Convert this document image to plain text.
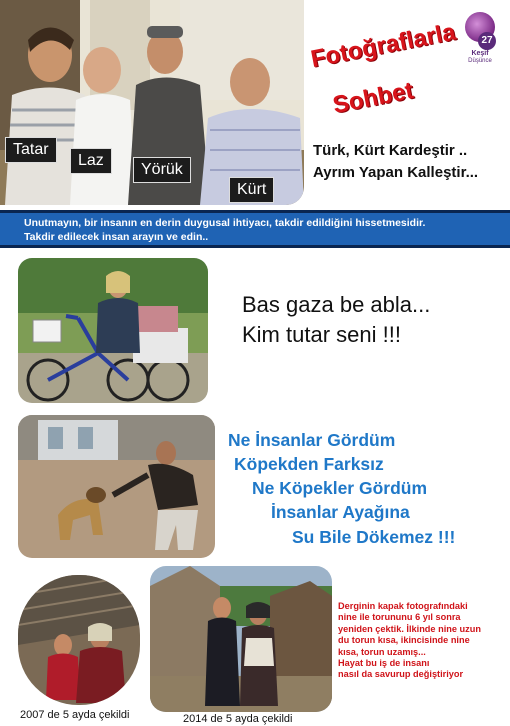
Tatar
Laz
Yörük
Kürt
27
Keşif
Düşünce
Fotoğraflarla
Sohbet
Türk, Kürt Kardeştir ..
Ayrım Yapan Kalleştir...
Unutmayın, bir insanın en derin duygusal ihtiyacı, takdir edildiğini hissetmesidir.
Takdir edilecek insan arayın ve edin..
Bas gaza be abla...
Kim tutar seni !!!
Ne İnsanlar Gördüm
Köpekden Farksız
Ne Köpekler Gördüm
İnsanlar Ayağına
Su Bile Dökemez !!!
2007 de 5 ayda çekildi	2014 de 5 ayda çekildi
Derginin kapak fotografındaki
nine ile torununu 6 yıl sonra
yeniden çektik. İlkinde nine uzun
du torun kısa, ikincisinde nine
kısa, torun uzamış...
Hayat bu iş de insanı
nasıl da savurup değiştiriyor
